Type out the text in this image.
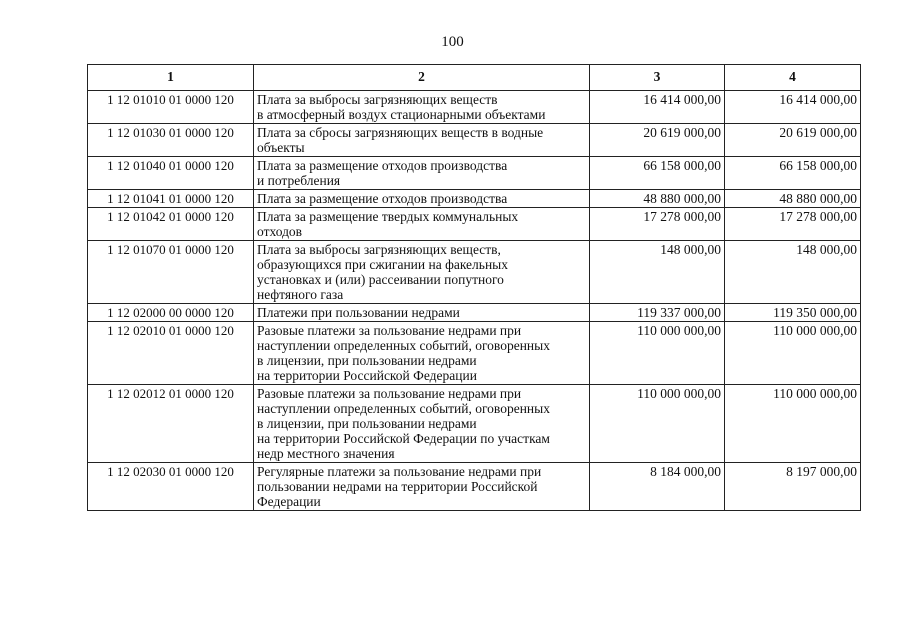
100
1	2	3	4
1 12 01010 01 0000 120	Плата за выбросы загрязняющих веществ
в атмосферный воздух стационарными объектами	16 414 000,00	16 414 000,00
1 12 01030 01 0000 120	Плата за сбросы загрязняющих веществ в водные
объекты	20 619 000,00	20 619 000,00
1 12 01040 01 0000 120	Плата за размещение отходов производства
и потребления	66 158 000,00	66 158 000,00
1 12 01041 01 0000 120	Плата за размещение отходов производства	48 880 000,00	48 880 000,00
1 12 01042 01 0000 120	Плата за размещение твердых коммунальных
отходов	17 278 000,00	17 278 000,00
1 12 01070 01 0000 120	Плата за выбросы загрязняющих веществ,
образующихся при сжигании на факельных
установках и (или) рассеивании попутного
нефтяного газа	148 000,00	148 000,00
1 12 02000 00 0000 120	Платежи при пользовании недрами	119 337 000,00	119 350 000,00
1 12 02010 01 0000 120	Разовые платежи за пользование недрами при
наступлении определенных событий, оговоренных
в лицензии, при пользовании недрами
на территории Российской Федерации	110 000 000,00	110 000 000,00
1 12 02012 01 0000 120	Разовые платежи за пользование недрами при
наступлении определенных событий, оговоренных
в лицензии, при пользовании недрами
на территории Российской Федерации по участкам
недр местного значения	110 000 000,00	110 000 000,00
1 12 02030 01 0000 120	Регулярные платежи за пользование недрами при
пользовании недрами на территории Российской
Федерации	8 184 000,00	8 197 000,00
